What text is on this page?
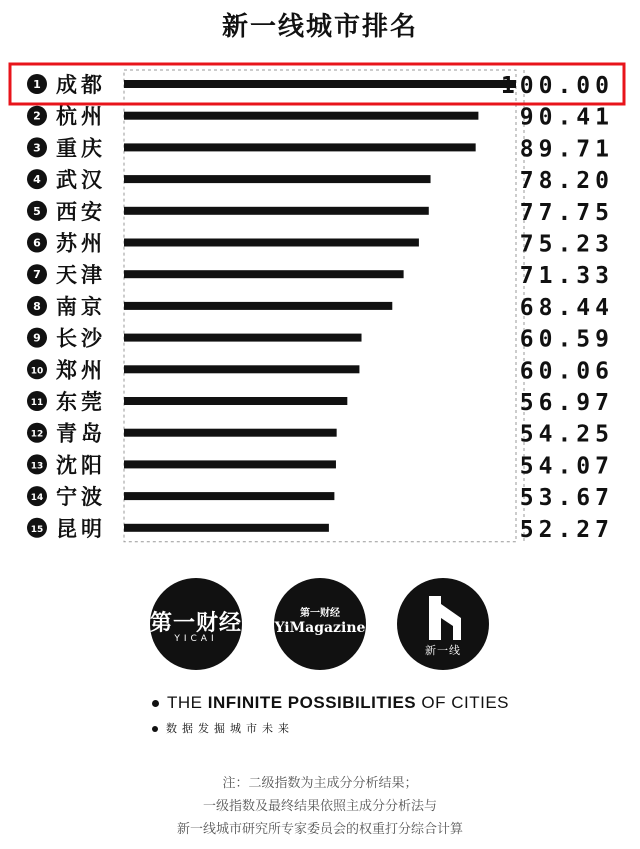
新一线城市排名
1 成都	100.00
2 杭州	90.41
3 重庆	89.71
4 武汉	78.20
5 西安	77.75
6 苏州	75.23
7 天津	71.33
8 南京	68.44
9 长沙	60.59
10 郑州	60.06
11 东莞	56.97
12 青岛	54.25
13 沈阳	54.07
14 宁波	53.67
15 昆明	52.27
第一财经
YICAI
第一财经
YiMagazine
新一线
THE INFINITE POSSIBILITIES OF CITIES
数据发掘城市未来
注：二级指数为主成分分析结果；
一级指数及最终结果依照主成分分析法与
新一线城市研究所专家委员会的权重打分综合计算
